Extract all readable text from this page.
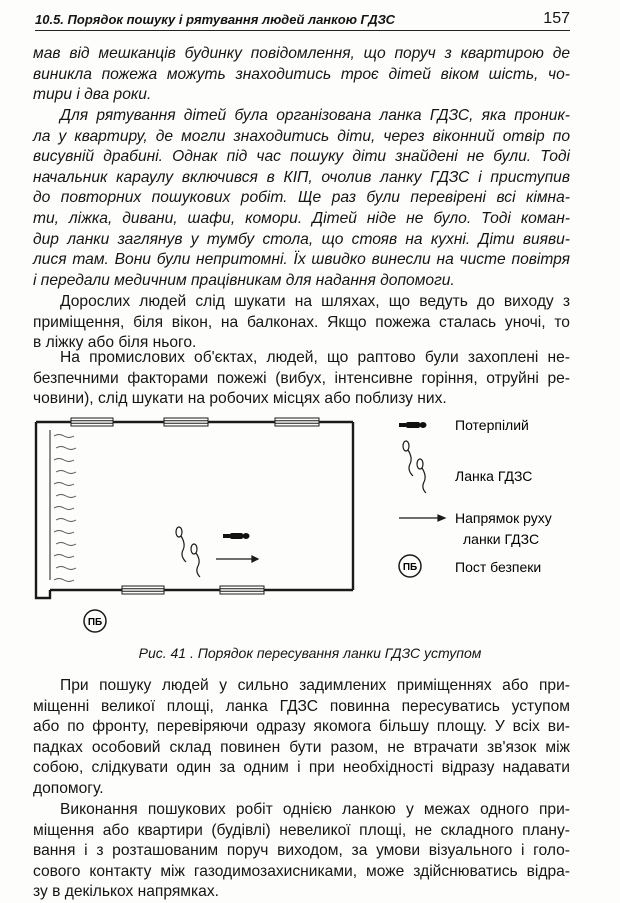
10.5. Порядок пошуку і рятування людей ланкою ГДЗС	157
мав від мешканців будинку повідомлення, що поруч з квартирою де
виникла пожежа можуть знаходитись троє дітей віком шість, чо-
тири і два роки.
Для рятування дітей була організована ланка ГДЗС, яка проник-
ла у квартиру, де могли знаходитись діти, через віконний отвір по
висувній драбині. Однак під час пошуку діти знайдені не були. Тоді
начальник караулу включився в КІП, очолив ланку ГДЗС і приступив
до повторних пошукових робіт. Ще раз були перевірені всі кімна-
ти, ліжка, дивани, шафи, комори. Дітей ніде не було. Тоді коман-
дир ланки заглянув у тумбу стола, що стояв на кухні. Діти вияви-
лися там. Вони були непритомні. Їх швидко винесли на чисте повітря
і передали медичним працівникам для надання допомоги.
Дорослих людей слід шукати на шляхах, що ведуть до виходу з
приміщення, біля вікон, на балконах. Якщо пожежа сталась уночі, то
в ліжку або біля нього.
На промислових об'єктах, людей, що раптово були захоплені не-
безпечними факторами пожежі (вибух, інтенсивне горіння, отруйні ре-
човини), слід шукати на робочих місцях або поблизу них.
ПБ
Потерпілий
Ланка ГДЗС
Напрямок руху
ланки ГДЗС
ПБ	Пост безпеки
Рис. 41 . Порядок пересування ланки ГДЗС уступом
При пошуку людей у сильно задимлених приміщеннях або при-
міщенні великої площі, ланка ГДЗС повинна пересуватись уступом
або по фронту, перевіряючи одразу якомога більшу площу. У всіх ви-
падках особовий склад повинен бути разом, не втрачати зв'язок між
собою, слідкувати один за одним і при необхідності відразу надавати
допомогу.
Виконання пошукових робіт однією ланкою у межах одного при-
міщення або квартири (будівлі) невеликої площі, не складного плану-
вання і з розташованим поруч виходом, за умови візуального і голо-
сового контакту між газодимозахисниками, може здійснюватись відра-
зу в декількох напрямках.
